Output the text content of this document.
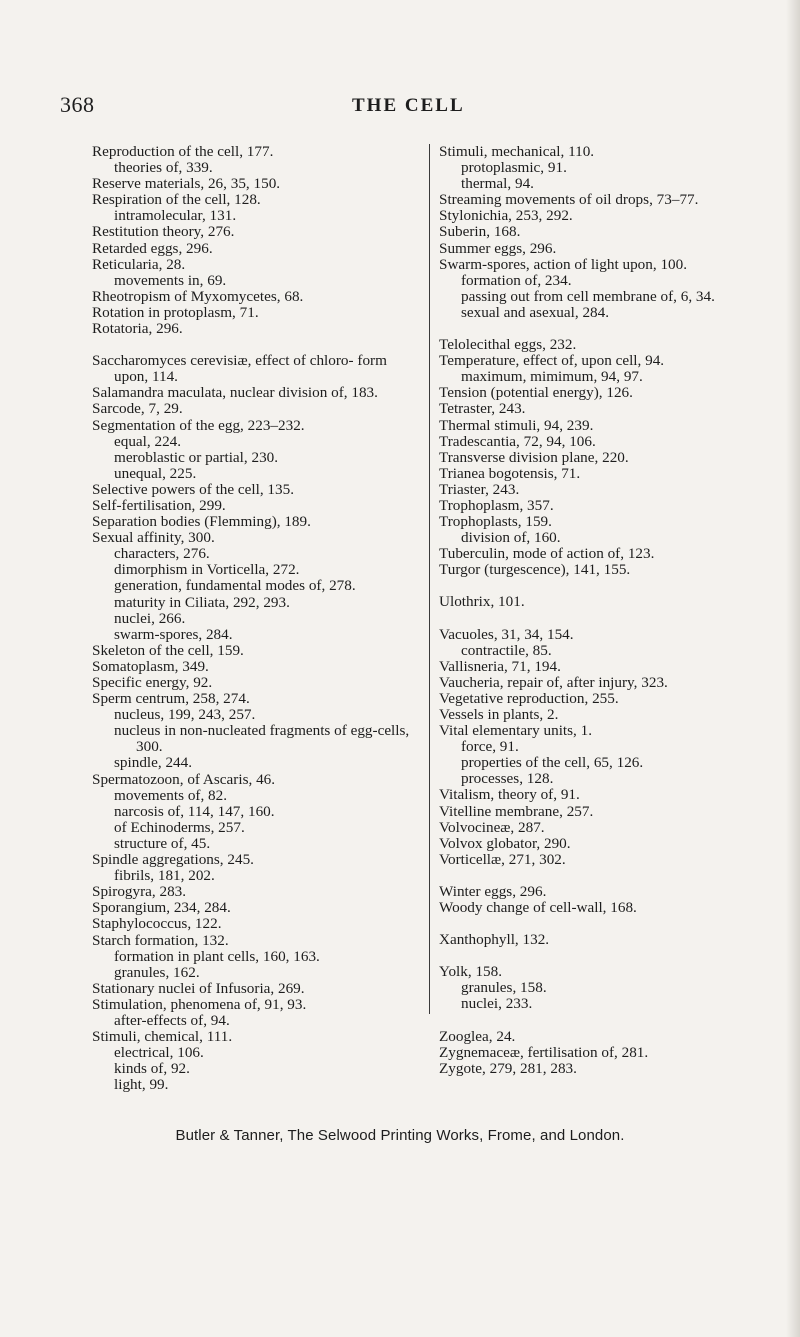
368	THE CELL
Reproduction of the cell, 177.
theories of, 339.
Reserve materials, 26, 35, 150.
Respiration of the cell, 128.
intramolecular, 131.
Restitution theory, 276.
Retarded eggs, 296.
Reticularia, 28.
movements in, 69.
Rheotropism of Myxomycetes, 68.
Rotation in protoplasm, 71.
Rotatoria, 296.
Saccharomyces cerevisiæ, effect of chloro- form upon, 114.
Salamandra maculata, nuclear division of, 183.
Sarcode, 7, 29.
Segmentation of the egg, 223–232.
equal, 224.
meroblastic or partial, 230.
unequal, 225.
Selective powers of the cell, 135.
Self-fertilisation, 299.
Separation bodies (Flemming), 189.
Sexual affinity, 300.
characters, 276.
dimorphism in Vorticella, 272.
generation, fundamental modes of, 278.
maturity in Ciliata, 292, 293.
nuclei, 266.
swarm-spores, 284.
Skeleton of the cell, 159.
Somatoplasm, 349.
Specific energy, 92.
Sperm centrum, 258, 274.
nucleus, 199, 243, 257.
nucleus in non-nucleated fragments of egg-cells, 300.
spindle, 244.
Spermatozoon, of Ascaris, 46.
movements of, 82.
narcosis of, 114, 147, 160.
of Echinoderms, 257.
structure of, 45.
Spindle aggregations, 245.
fibrils, 181, 202.
Spirogyra, 283.
Sporangium, 234, 284.
Staphylococcus, 122.
Starch formation, 132.
formation in plant cells, 160, 163.
granules, 162.
Stationary nuclei of Infusoria, 269.
Stimulation, phenomena of, 91, 93.
after-effects of, 94.
Stimuli, chemical, 111.
electrical, 106.
kinds of, 92.
light, 99.
Stimuli, mechanical, 110.
protoplasmic, 91.
thermal, 94.
Streaming movements of oil drops, 73–77.
Stylonichia, 253, 292.
Suberin, 168.
Summer eggs, 296.
Swarm-spores, action of light upon, 100.
formation of, 234.
passing out from cell membrane of, 6, 34.
sexual and asexual, 284.
Telolecithal eggs, 232.
Temperature, effect of, upon cell, 94.
maximum, mimimum, 94, 97.
Tension (potential energy), 126.
Tetraster, 243.
Thermal stimuli, 94, 239.
Tradescantia, 72, 94, 106.
Transverse division plane, 220.
Trianea bogotensis, 71.
Triaster, 243.
Trophoplasm, 357.
Trophoplasts, 159.
division of, 160.
Tuberculin, mode of action of, 123.
Turgor (turgescence), 141, 155.
Ulothrix, 101.
Vacuoles, 31, 34, 154.
contractile, 85.
Vallisneria, 71, 194.
Vaucheria, repair of, after injury, 323.
Vegetative reproduction, 255.
Vessels in plants, 2.
Vital elementary units, 1.
force, 91.
properties of the cell, 65, 126.
processes, 128.
Vitalism, theory of, 91.
Vitelline membrane, 257.
Volvocineæ, 287.
Volvox globator, 290.
Vorticellæ, 271, 302.
Winter eggs, 296.
Woody change of cell-wall, 168.
Xanthophyll, 132.
Yolk, 158.
granules, 158.
nuclei, 233.
Zooglea, 24.
Zygnemaceæ, fertilisation of, 281.
Zygote, 279, 281, 283.
Butler & Tanner, The Selwood Printing Works, Frome, and London.
